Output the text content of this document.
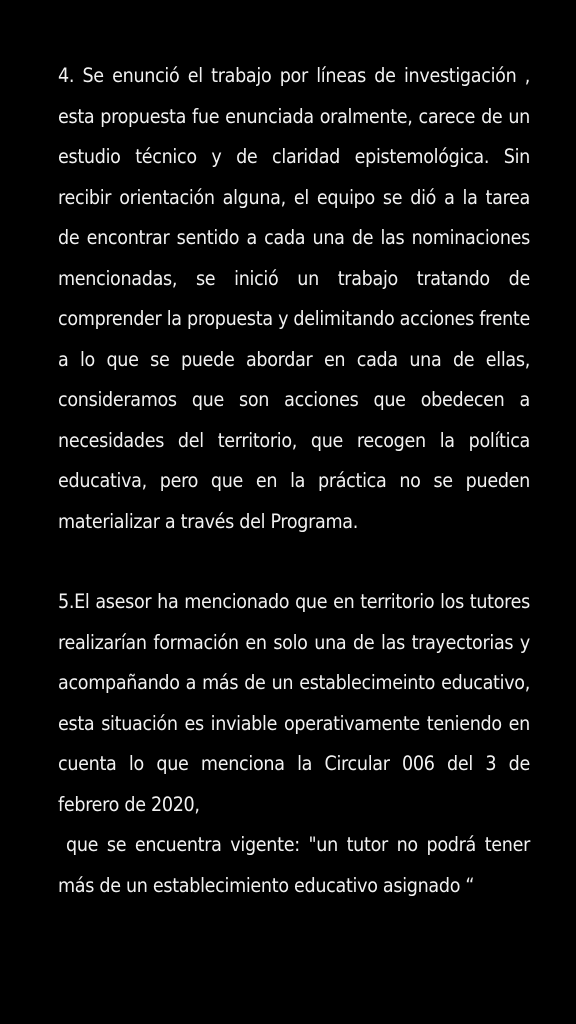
4. Se enunció el trabajo por líneas de investigación , esta propuesta fue enunciada oralmente, carece de un estudio técnico y de claridad epistemológica. Sin recibir orientación alguna, el equipo se dió a la tarea de encontrar sentido a cada una de las nominaciones mencionadas, se inició un trabajo tratando de comprender la propuesta y delimitando acciones frente a lo que se puede abordar en cada una de ellas, consideramos que son acciones que obedecen a necesidades del territorio, que recogen la política educativa, pero que en la práctica no se pueden materializar a través del Programa.

5.El asesor ha mencionado que en territorio los tutores realizarían formación en solo una de las trayectorias y acompañando a más de un establecimeinto educativo, esta situación es inviable operativamente teniendo en cuenta lo que menciona la Circular 006 del 3 de febrero de 2020,

que se encuentra vigente: "un tutor no podrá tener más de un establecimiento educativo asignado “
